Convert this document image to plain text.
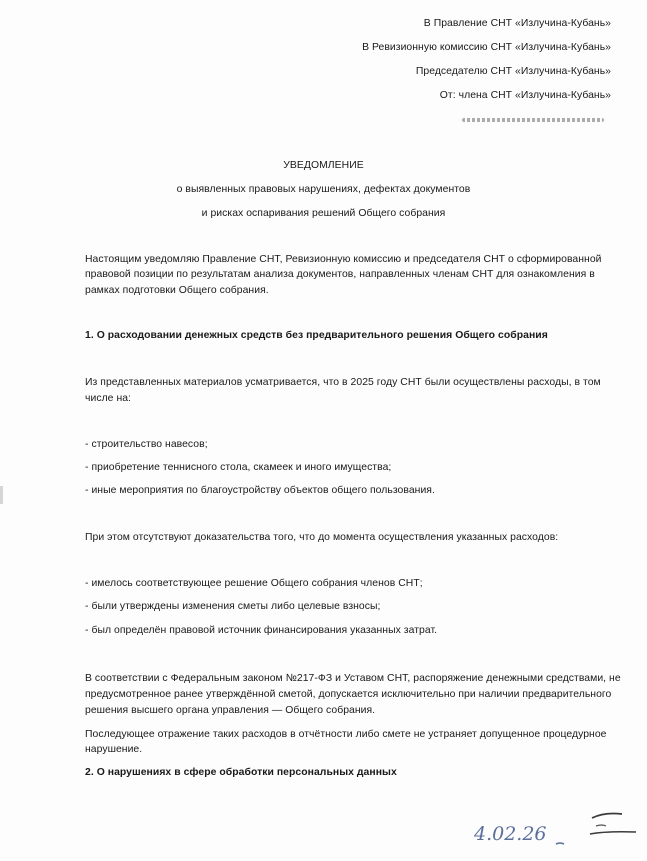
В Правление СНТ «Излучина-Кубань»
В Ревизионную комиссию СНТ «Излучина-Кубань»
Председателю СНТ «Излучина-Кубань»
От: члена СНТ «Излучина-Кубань»
УВЕДОМЛЕНИЕ
о выявленных правовых нарушениях, дефектах документов
и рисках оспаривания решений Общего собрания
Настоящим уведомляю Правление СНТ, Ревизионную комиссию и председателя СНТ о сформированной
правовой позиции по результатам анализа документов, направленных членам СНТ для ознакомления в
рамках подготовки Общего собрания.
1. О расходовании денежных средств без предварительного решения Общего собрания
Из представленных материалов усматривается, что в 2025 году СНТ были осуществлены расходы, в том
числе на:
- строительство навесов;
- приобретение теннисного стола, скамеек и иного имущества;
- иные мероприятия по благоустройству объектов общего пользования.
При этом отсутствуют доказательства того, что до момента осуществления указанных расходов:
- имелось соответствующее решение Общего собрания членов СНТ;
- были утверждены изменения сметы либо целевые взносы;
- был определён правовой источник финансирования указанных затрат.
В соответствии с Федеральным законом №217-ФЗ и Уставом СНТ, распоряжение денежными средствами, не
предусмотренное ранее утверждённой сметой, допускается исключительно при наличии предварительного
решения высшего органа управления — Общего собрания.
Последующее отражение таких расходов в отчётности либо смете не устраняет допущенное процедурное
нарушение.
2. О нарушениях в сфере обработки персональных данных
4.02.26
